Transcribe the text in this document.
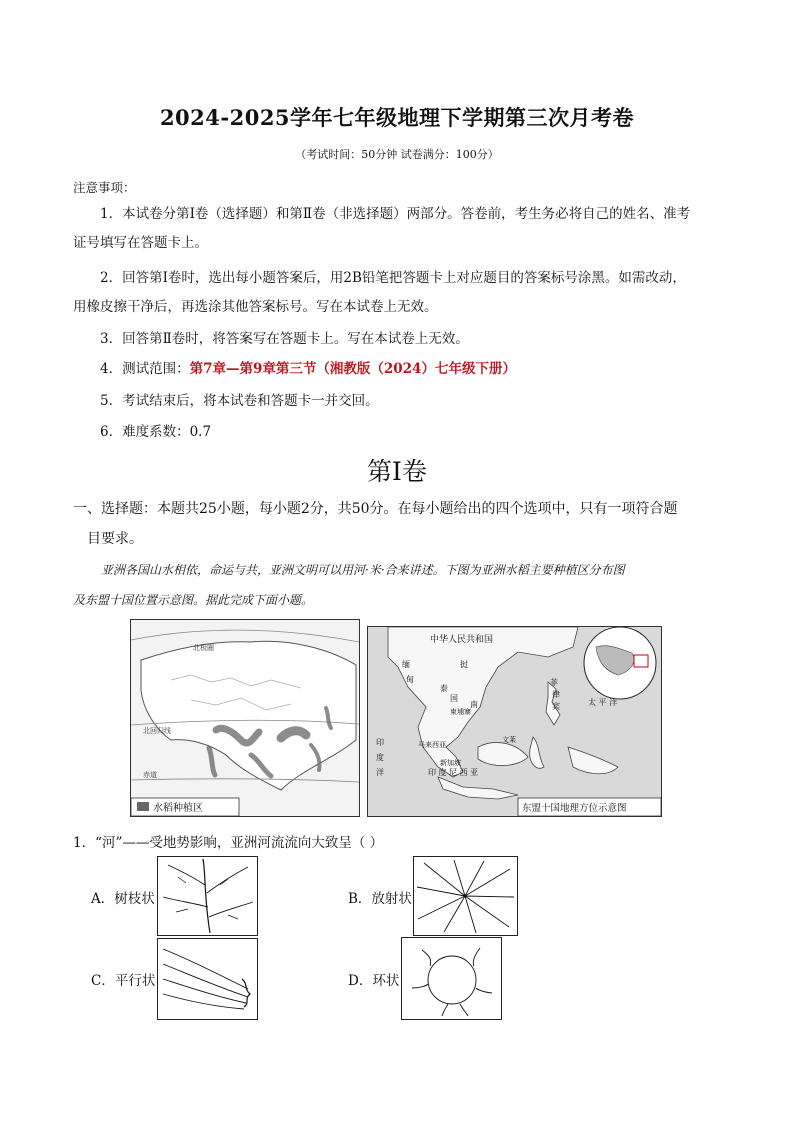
2024-2025学年七年级地理下学期第三次月考卷
（考试时间：50分钟 试卷满分：100分）
注意事项：
1．本试卷分第Ⅰ卷（选择题）和第Ⅱ卷（非选择题）两部分。答卷前，考生务必将自己的姓名、准考
证号填写在答题卡上。
2．回答第Ⅰ卷时，选出每小题答案后，用2B铅笔把答题卡上对应题目的答案标号涂黑。如需改动，
用橡皮擦干净后，再选涂其他答案标号。写在本试卷上无效。
3．回答第Ⅱ卷时，将答案写在答题卡上。写在本试卷上无效。
4．测试范围：第7章—第9章第三节（湘教版（2024）七年级下册）
5．考试结束后，将本试卷和答题卡一并交回。
6．难度系数：0.7
第Ⅰ卷
一、选择题：本题共25小题，每小题2分，共50分。在每小题给出的四个选项中，只有一项符合题
目要求。
亚洲各国山水相依，命运与共，亚洲文明可以用河·米·合来讲述。下图为亚洲水稻主要种植区分布图
及东盟十国位置示意图。据此完成下面小题。
北极圈
北回归线
赤道
水稻种植区
中华人民共和国
缅
甸
挝
泰
国
南
柬埔寨
菲
律
宾
马来西亚
文莱
新加坡
印 度 尼 西 亚
印
度
洋
太 平 洋
东盟十国地理方位示意图
1．“河”——受地势影响，亚洲河流流向大致呈（ ）
A．树枝状	B．放射状
C．平行状	D．环状
